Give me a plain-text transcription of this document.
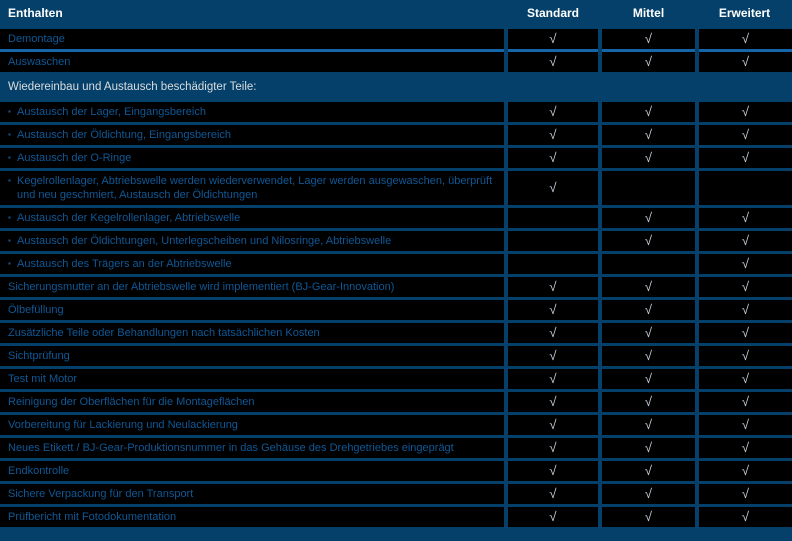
Enthalten	Standard	Mittel	Erweitert

Demontage	√	√	√

Auswaschen	√	√	√
Wiedereinbau und Austausch beschädigter Teile:			

▪ Austausch der Lager, Eingangsbereich	√	√	√

▪ Austausch der Öldichtung, Eingangsbereich	√	√	√

▪ Austausch der O-Ringe	√	√	√

▪ Kegelrollenlager, Abtriebswelle werden wiederverwendet, Lager werden ausgewaschen, überprüft und neu geschmiert, Austausch der Öldichtungen	√		

▪ Austausch der Kegelrollenlager, Abtriebswelle		√	√

▪ Austausch der Öldichtungen, Unterlegscheiben und Nilosringe, Abtriebswelle		√	√

▪ Austausch des Trägers an der Abtriebswelle			√

Sicherungsmutter an der Abtriebswelle wird implementiert (BJ-Gear-Innovation)	√	√	√

Ölbefüllung	√	√	√

Zusätzliche Teile oder Behandlungen nach tatsächlichen Kosten	√	√	√

Sichtprüfung	√	√	√

Test mit Motor	√	√	√

Reinigung der Oberflächen für die Montageflächen	√	√	√

Vorbereitung für Lackierung und Neulackierung	√	√	√

Neues Etikett / BJ-Gear-Produktionsnummer in das Gehäuse des Drehgetriebes eingeprägt	√	√	√

Endkontrolle	√	√	√

Sichere Verpackung für den Transport	√	√	√

Prüfbericht mit Fotodokumentation	√	√	√
